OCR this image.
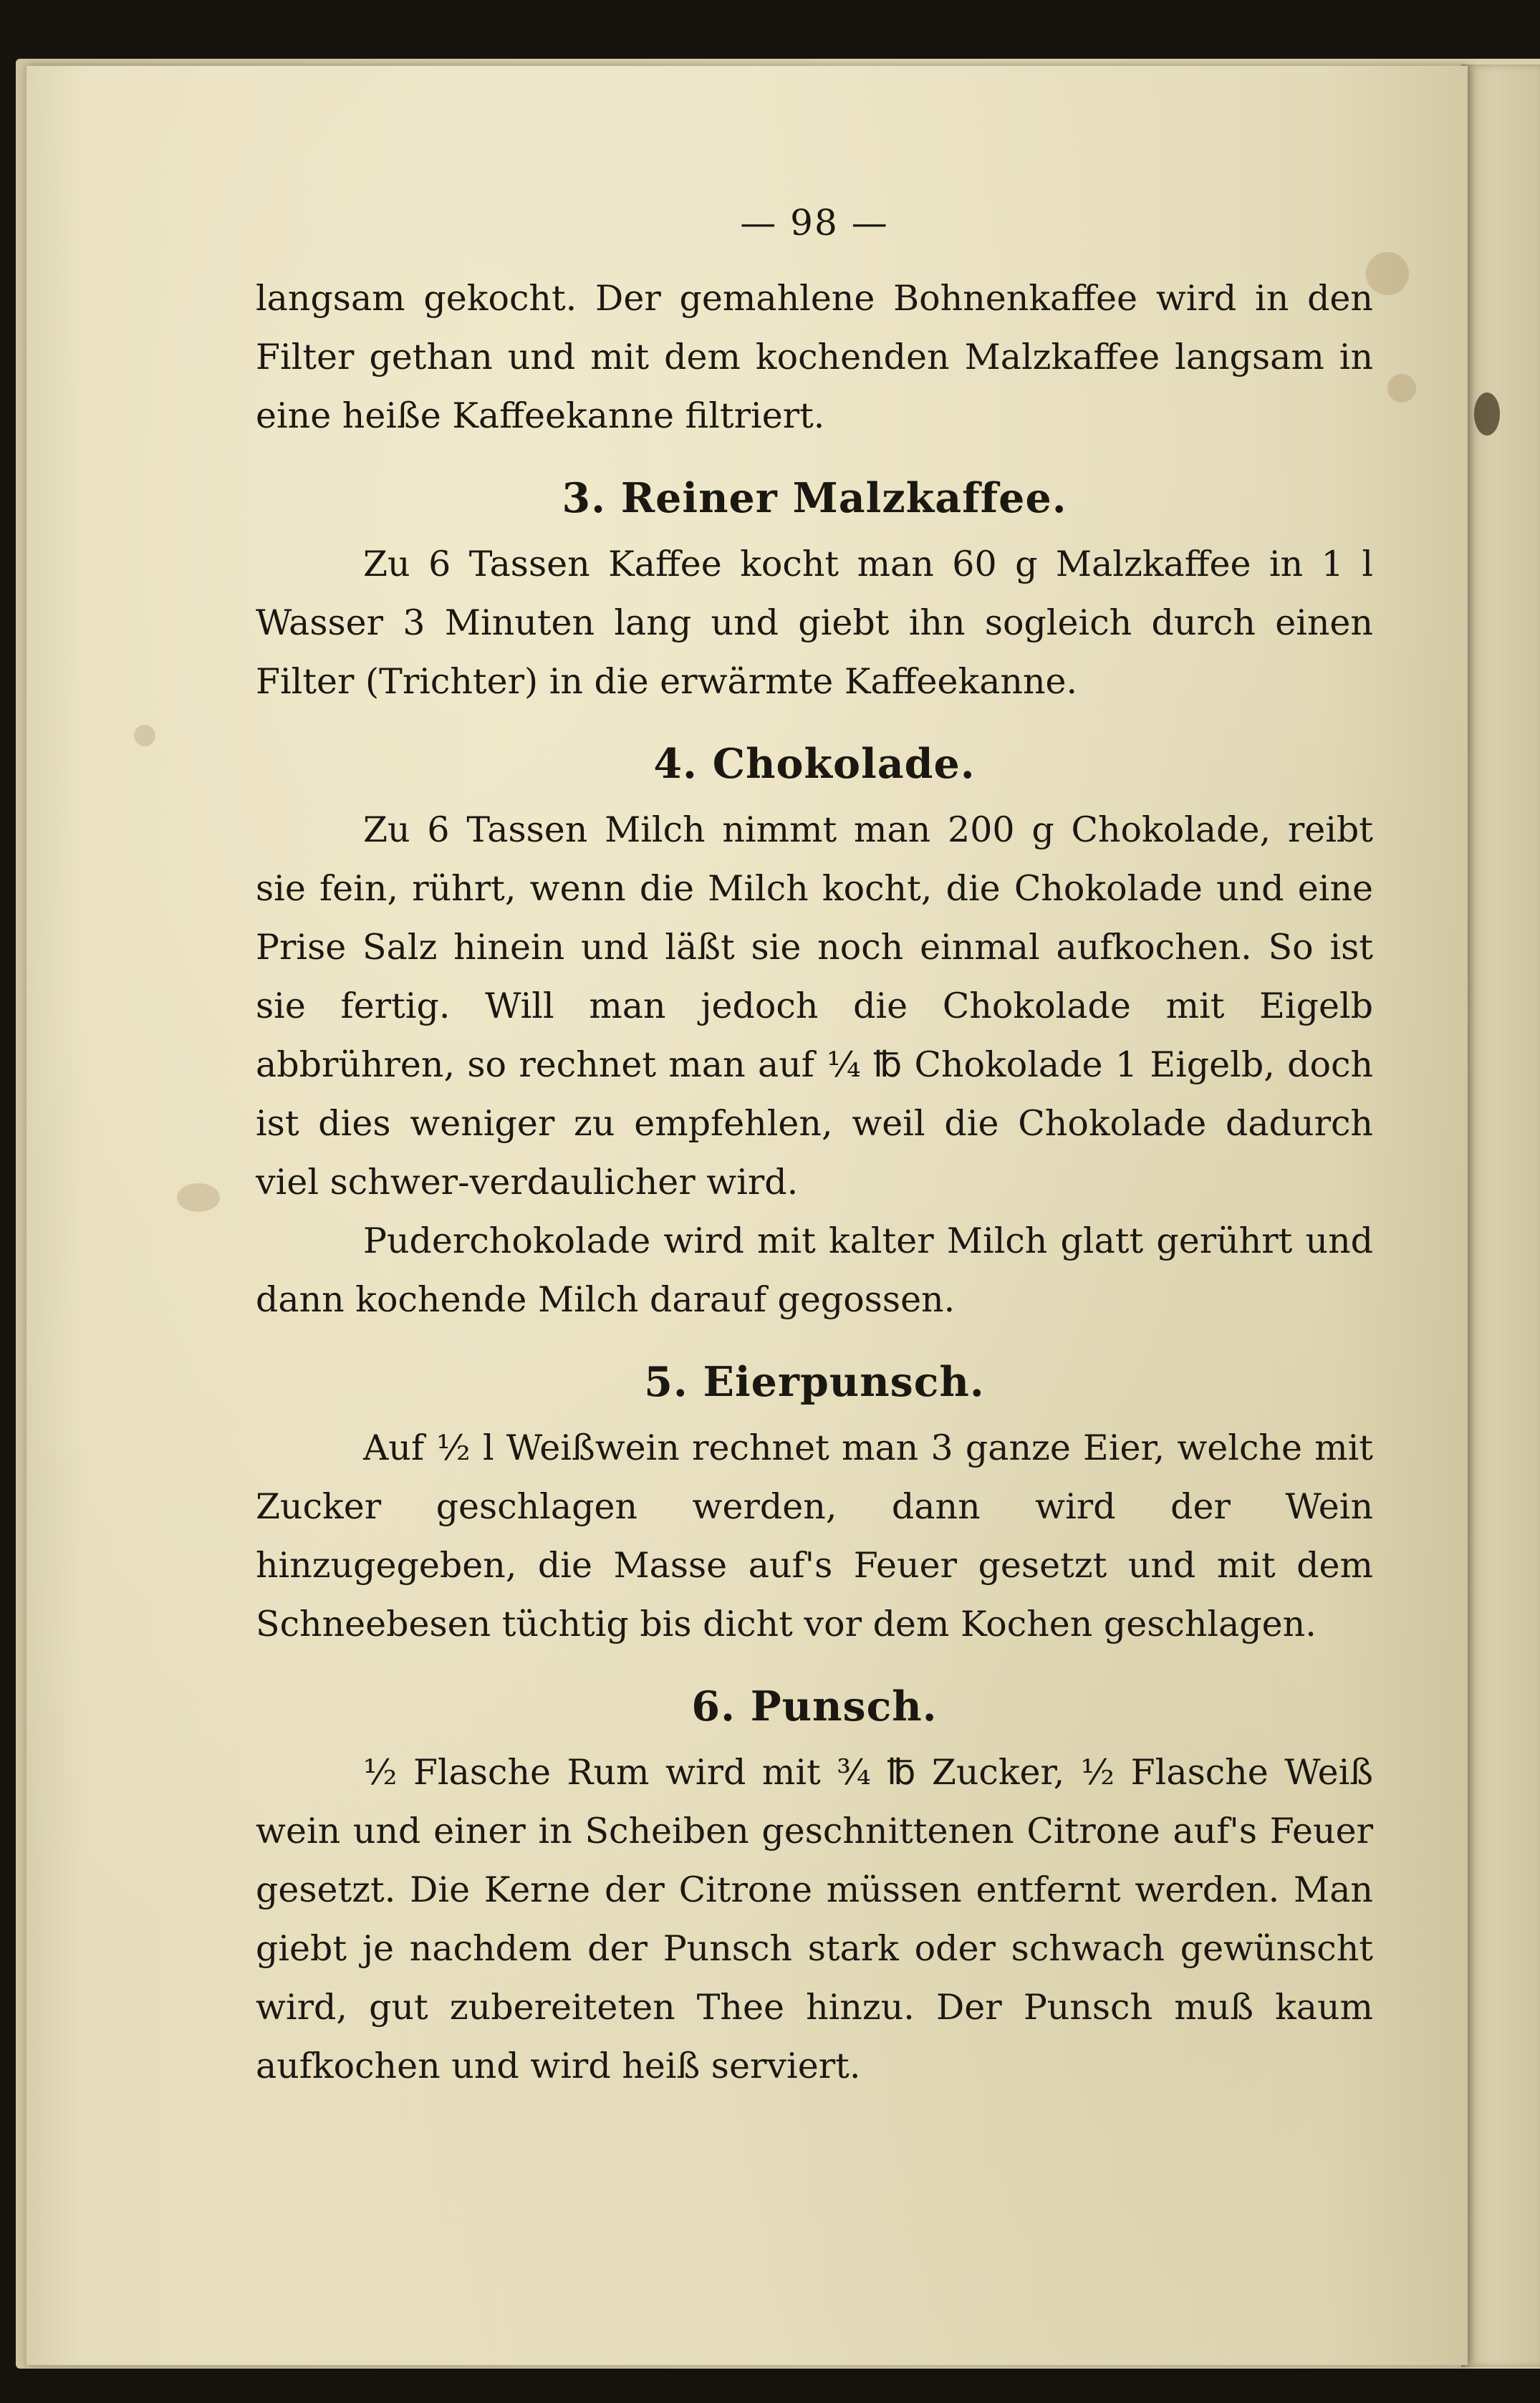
— 98 —

langsam gekocht. Der gemahlene Bohnenkaffee wird in den Filter gethan und mit dem kochenden Malzkaffee langsam in eine heiße Kaffeekanne filtriert.

3. Reiner Malzkaffee.

Zu 6 Tassen Kaffee kocht man 60 g Malzkaffee in 1 l Wasser 3 Minuten lang und giebt ihn sogleich durch einen Filter (Trichter) in die erwärmte Kaffeekanne.

4. Chokolade.

Zu 6 Tassen Milch nimmt man 200 g Chokolade, reibt sie fein, rührt, wenn die Milch kocht, die Chokolade und eine Prise Salz hinein und läßt sie noch einmal aufkochen. So ist sie fertig. Will man jedoch die Chokolade mit Eigelb abbrühren, so rechnet man auf ¼ ℔ Chokolade 1 Eigelb, doch ist dies weniger zu empfehlen, weil die Chokolade dadurch viel schwer-verdaulicher wird.

Puderchokolade wird mit kalter Milch glatt gerührt und dann kochende Milch darauf gegossen.

5. Eierpunsch.

Auf ½ l Weißwein rechnet man 3 ganze Eier, welche mit Zucker geschlagen werden, dann wird der Wein hinzugegeben, die Masse auf's Feuer gesetzt und mit dem Schneebesen tüchtig bis dicht vor dem Kochen geschlagen.

6. Punsch.

½ Flasche Rum wird mit ¾ ℔ Zucker, ½ Flasche Weiß wein und einer in Scheiben geschnittenen Citrone auf's Feuer gesetzt. Die Kerne der Citrone müssen entfernt werden. Man giebt je nachdem der Punsch stark oder schwach gewünscht wird, gut zubereiteten Thee hinzu. Der Punsch muß kaum aufkochen und wird heiß serviert.
